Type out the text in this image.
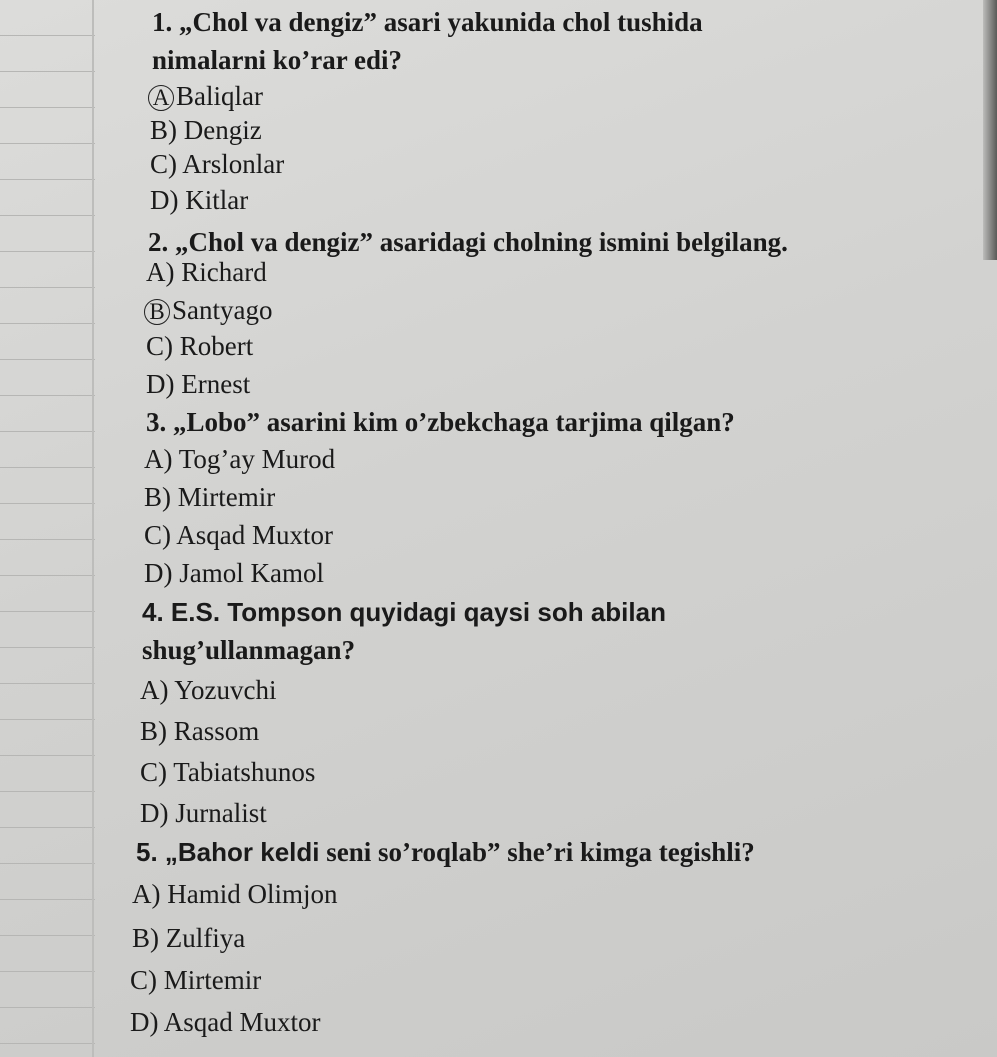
1. „Chol va dengiz” asari yakunida chol tushida
nimalarni ko’rar edi?
A Baliqlar
B) Dengiz
C) Arslonlar
D) Kitlar
2. „Chol va dengiz” asaridagi cholning ismini belgilang.
A) Richard
B Santyago
C) Robert
D) Ernest
3. „Lobo” asarini kim o’zbekchaga tarjima qilgan?
A) Tog’ay Murod
B) Mirtemir
C) Asqad Muxtor
D) Jamol Kamol
4. E.S. Tompson quyidagi qaysi soh abilan
shug’ullanmagan?
A) Yozuvchi
B) Rassom
C) Tabiatshunos
D) Jurnalist
5. „Bahor keldi seni so’roqlab” she’ri kimga tegishli?
A) Hamid Olimjon
B) Zulfiya
C) Mirtemir
D) Asqad Muxtor
